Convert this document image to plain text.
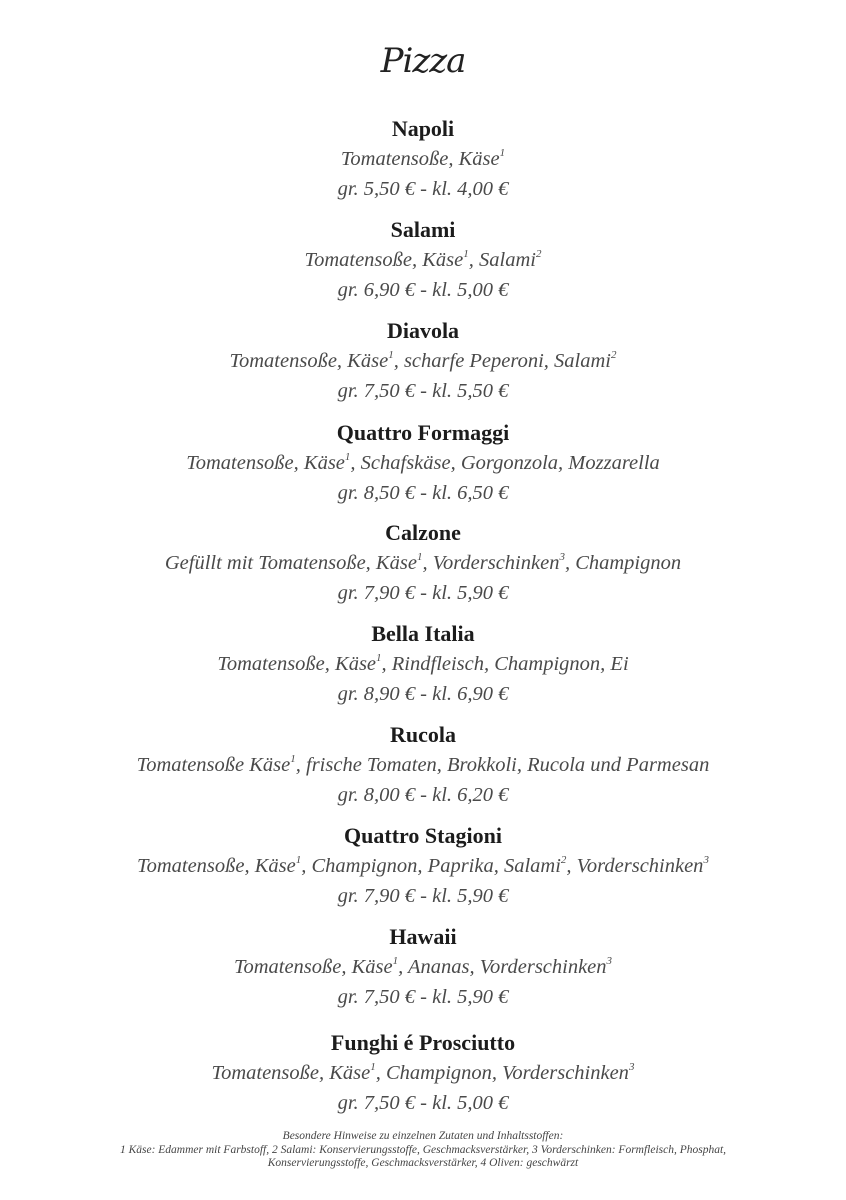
Pizza
Napoli
Tomatensoße, Käse$^1$
gr. 5,50 € - kl. 4,00 €
Salami
Tomatensoße, Käse$^1$, Salami$^2$
gr. 6,90 € - kl. 5,00 €
Diavola
Tomatensoße, Käse$^1$, scharfe Peperoni, Salami$^2$
gr. 7,50 € - kl. 5,50 €
Quattro Formaggi
Tomatensoße, Käse$^1$, Schafskäse, Gorgonzola, Mozzarella
gr. 8,50 € - kl. 6,50 €
Calzone
Gefüllt mit Tomatensoße, Käse$^1$, Vorderschinken$^3$, Champignon
gr. 7,90 € - kl. 5,90 €
Bella Italia
Tomatensoße, Käse$^1$, Rindfleisch, Champignon, Ei
gr. 8,90 € - kl. 6,90 €
Rucola
Tomatensoße Käse$^1$, frische Tomaten, Brokkoli, Rucola und Parmesan
gr. 8,00 € - kl. 6,20 €
Quattro Stagioni
Tomatensoße, Käse$^1$, Champignon, Paprika, Salami$^2$, Vorderschinken$^3$
gr. 7,90 € - kl. 5,90 €
Hawaii
Tomatensoße, Käse$^1$, Ananas, Vorderschinken$^3$
gr. 7,50 € - kl. 5,90 €
Funghi é Prosciutto
Tomatensoße, Käse$^1$, Champignon, Vorderschinken$^3$
gr. 7,50 € - kl. 5,00 €
Besondere Hinweise zu einzelnen Zutaten und Inhaltsstoffen:
1 Käse: Edammer mit Farbstoff, 2 Salami: Konservierungsstoffe, Geschmacksverstärker, 3 Vorderschinken: Formfleisch, Phosphat,
Konservierungsstoffe, Geschmacksverstärker, 4 Oliven: geschwärzt
